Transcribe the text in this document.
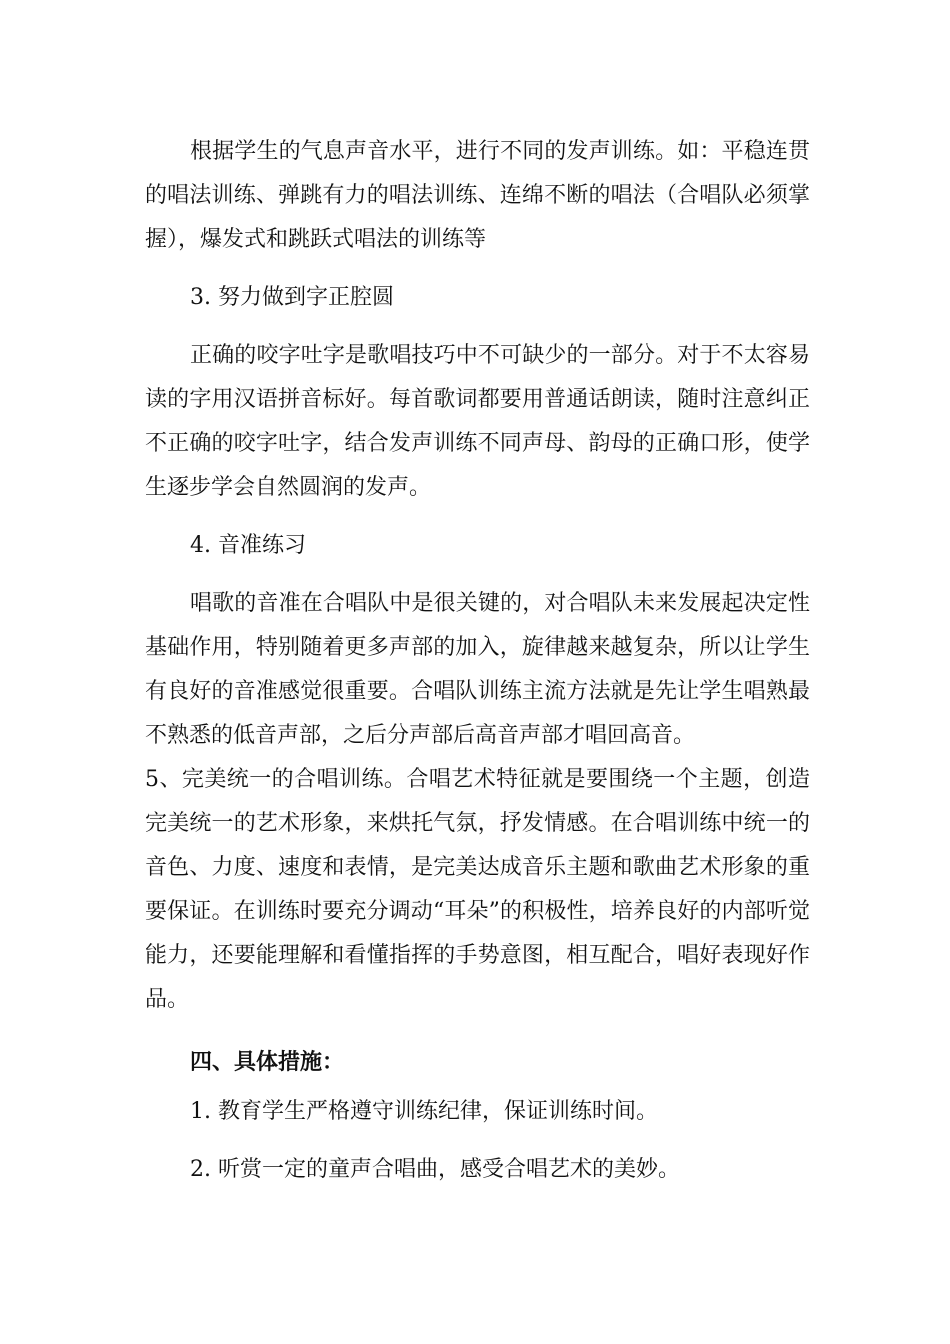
根据学生的气息声音水平，进行不同的发声训练。如：平稳连贯的唱法训练、弹跳有力的唱法训练、连绵不断的唱法（合唱队必须掌握），爆发式和跳跃式唱法的训练等

3. 努力做到字正腔圆

正确的咬字吐字是歌唱技巧中不可缺少的一部分。对于不太容易读的字用汉语拼音标好。每首歌词都要用普通话朗读，随时注意纠正不正确的咬字吐字，结合发声训练不同声母、韵母的正确口形，使学生逐步学会自然圆润的发声。

4. 音准练习

唱歌的音准在合唱队中是很关键的，对合唱队未来发展起决定性基础作用，特别随着更多声部的加入，旋律越来越复杂，所以让学生有良好的音准感觉很重要。合唱队训练主流方法就是先让学生唱熟最不熟悉的低音声部，之后分声部后高音声部才唱回高音。

5、完美统一的合唱训练。合唱艺术特征就是要围绕一个主题，创造完美统一的艺术形象，来烘托气氛，抒发情感。在合唱训练中统一的音色、力度、速度和表情，是完美达成音乐主题和歌曲艺术形象的重要保证。在训练时要充分调动“耳朵”的积极性，培养良好的内部听觉能力，还要能理解和看懂指挥的手势意图，相互配合，唱好表现好作品。

四、具体措施：

1. 教育学生严格遵守训练纪律，保证训练时间。

2. 听赏一定的童声合唱曲，感受合唱艺术的美妙。
